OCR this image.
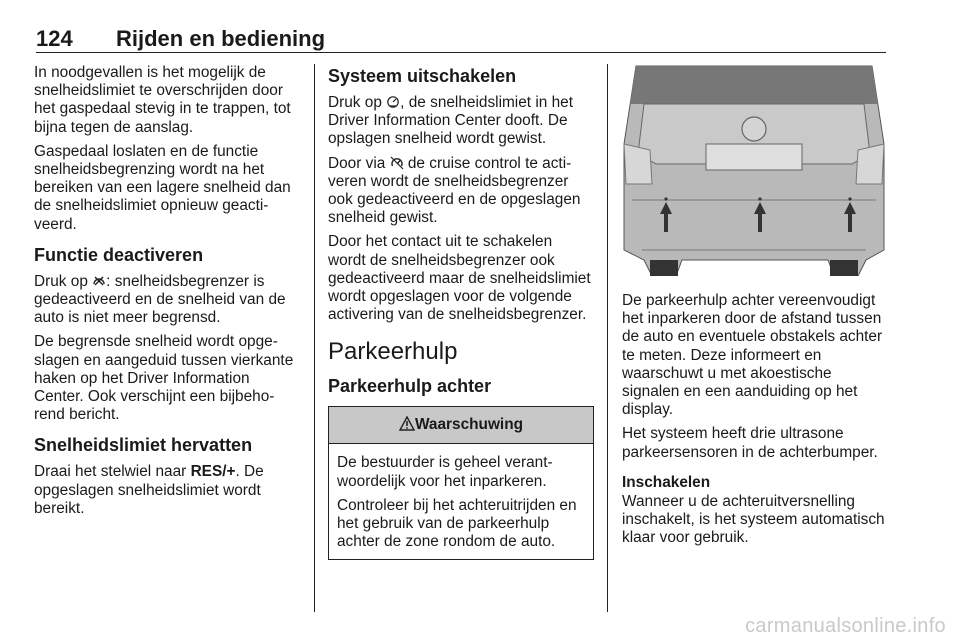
124 Rijden en bediening

In noodgevallen is het mogelijk de snelheidslimiet te overschrijden door het gaspedaal stevig in te trappen, tot bijna tegen de aanslag.

Gaspedaal loslaten en de functie snelheidsbegrenzing wordt na het bereiken van een lagere snelheid dan de snelheidslimiet opnieuw geactiveerd.

Functie deactiveren

Druk op : snelheidsbegrenzer is gedeactiveerd en de snelheid van de auto is niet meer begrensd.

De begrensde snelheid wordt opgeslagen en aangeduid tussen vierkante haken op het Driver Information Center. Ook verschijnt een bijbehorend bericht.

Snelheidslimiet hervatten

Draai het stelwiel naar RES/+. De opgeslagen snelheidslimiet wordt bereikt.

Systeem uitschakelen

Druk op , de snelheidslimiet in het Driver Information Center dooft. De opslagen snelheid wordt gewist.

Door via de cruise control te activeren wordt de snelheidsbegrenzer ook gedeactiveerd en de opgeslagen snelheid gewist.

Door het contact uit te schakelen wordt de snelheidsbegrenzer ook gedeactiveerd maar de snelheidslimiet wordt opgeslagen voor de volgende activering van de snelheidsbegrenzer.

Parkeerhulp
Parkeerhulp achter
Waarschuwing

De bestuurder is geheel verantwoordelijk voor het inparkeren.

Controleer bij het achteruitrijden en het gebruik van de parkeerhulp achter de zone rondom de auto.

De parkeerhulp achter vereenvoudigt het inparkeren door de afstand tussen de auto en eventuele obstakels achter te meten. Deze informeert en waarschuwt u met akoestische signalen en een aanduiding op het display.

Het systeem heeft drie ultrasone parkeersensoren in de achterbumper.

Inschakelen

Wanneer u de achteruitversnelling inschakelt, is het systeem automatisch klaar voor gebruik.

carmanualsonline.info
